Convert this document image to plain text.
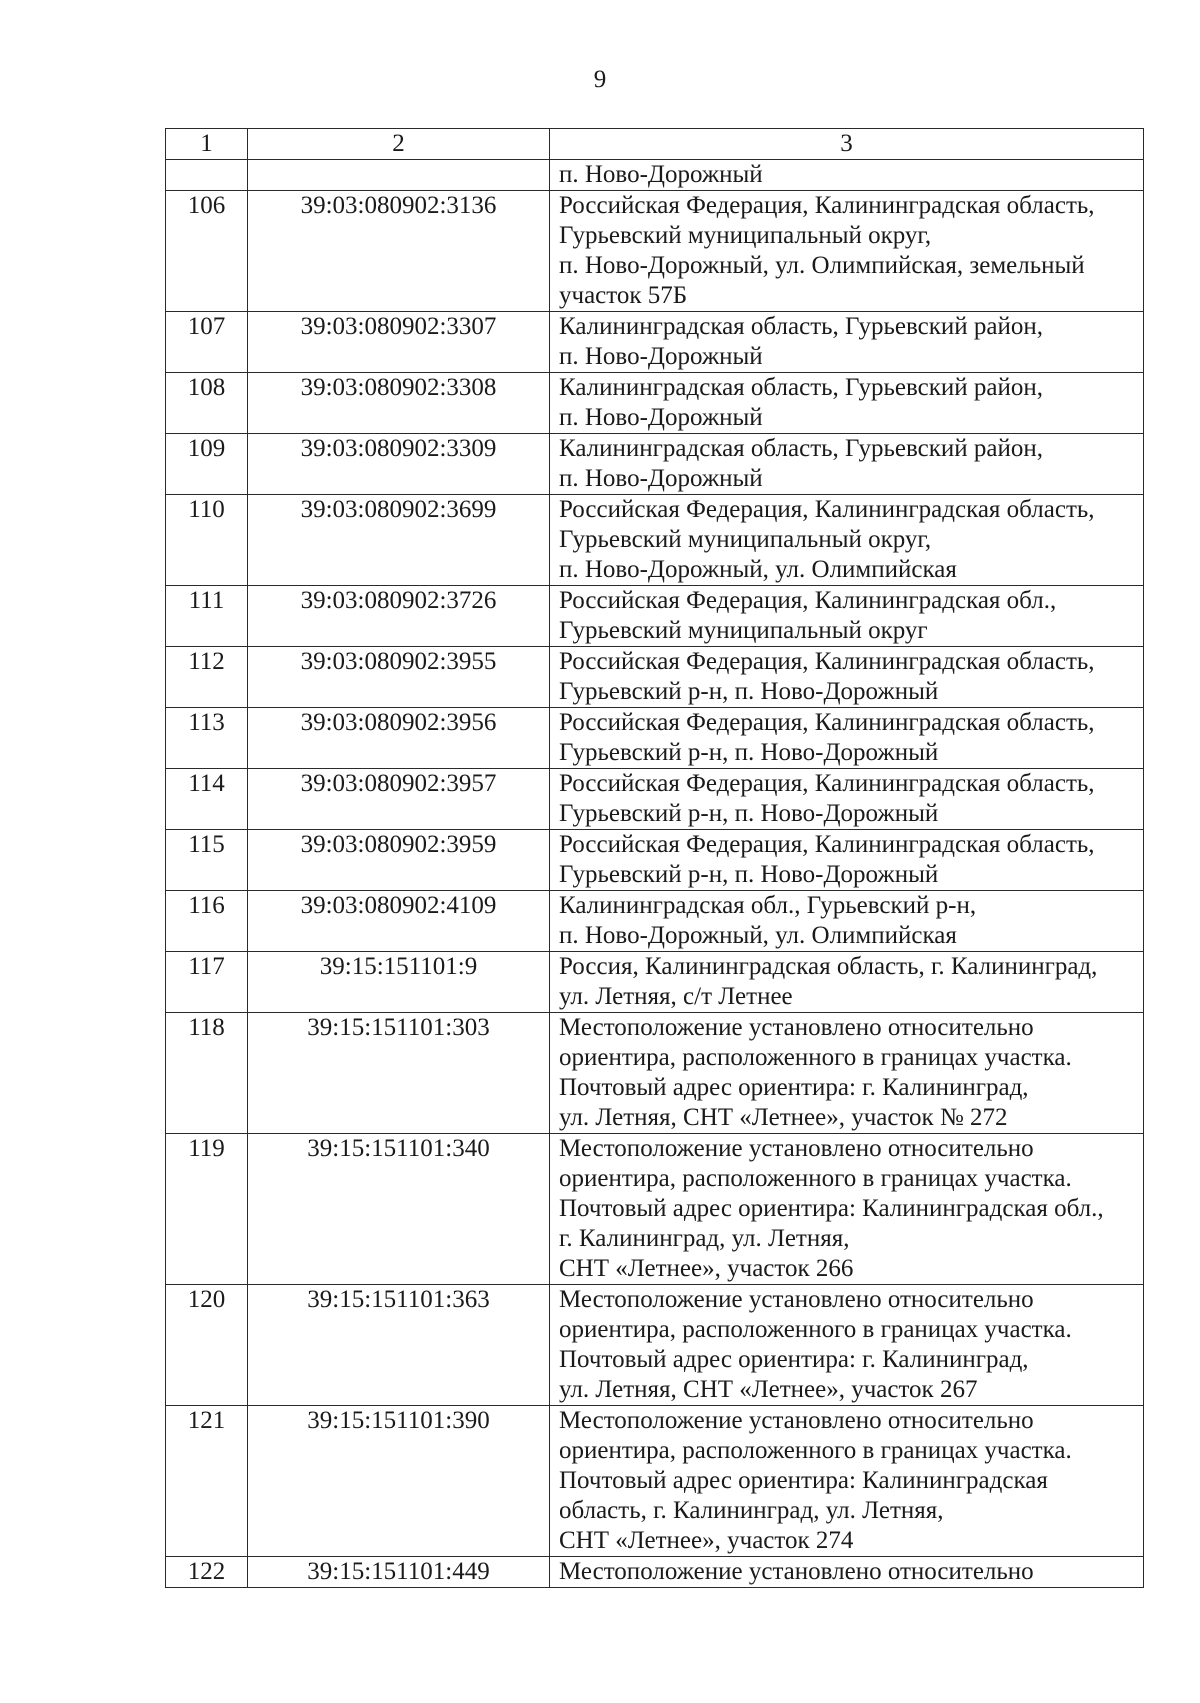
9
1	2	3

		п. Ново-Дорожный

106	39:03:080902:3136	Российская Федерация, Калининградская область,
Гурьевский муниципальный округ,
п. Ново-Дорожный, ул. Олимпийская, земельный
участок 57Б

107	39:03:080902:3307	Калининградская область, Гурьевский район,
п. Ново-Дорожный

108	39:03:080902:3308	Калининградская область, Гурьевский район,
п. Ново-Дорожный

109	39:03:080902:3309	Калининградская область, Гурьевский район,
п. Ново-Дорожный

110	39:03:080902:3699	Российская Федерация, Калининградская область,
Гурьевский муниципальный округ,
п. Ново-Дорожный, ул. Олимпийская

111	39:03:080902:3726	Российская Федерация, Калининградская обл.,
Гурьевский муниципальный округ

112	39:03:080902:3955	Российская Федерация, Калининградская область,
Гурьевский р-н, п. Ново-Дорожный

113	39:03:080902:3956	Российская Федерация, Калининградская область,
Гурьевский р-н, п. Ново-Дорожный

114	39:03:080902:3957	Российская Федерация, Калининградская область,
Гурьевский р-н, п. Ново-Дорожный

115	39:03:080902:3959	Российская Федерация, Калининградская область,
Гурьевский р-н, п. Ново-Дорожный

116	39:03:080902:4109	Калининградская обл., Гурьевский р-н,
п. Ново-Дорожный, ул. Олимпийская

117	39:15:151101:9	Россия, Калининградская область, г. Калининград,
ул. Летняя, с/т Летнее

118	39:15:151101:303	Местоположение установлено относительно
ориентира, расположенного в границах участка.
Почтовый адрес ориентира: г. Калининград,
ул. Летняя, СНТ «Летнее», участок № 272

119	39:15:151101:340	Местоположение установлено относительно
ориентира, расположенного в границах участка.
Почтовый адрес ориентира: Калининградская обл.,
г. Калининград, ул. Летняя,
СНТ «Летнее», участок 266

120	39:15:151101:363	Местоположение установлено относительно
ориентира, расположенного в границах участка.
Почтовый адрес ориентира: г. Калининград,
ул. Летняя, СНТ «Летнее», участок 267

121	39:15:151101:390	Местоположение установлено относительно
ориентира, расположенного в границах участка.
Почтовый адрес ориентира: Калининградская
область, г. Калининград, ул. Летняя,
СНТ «Летнее», участок 274

122	39:15:151101:449	Местоположение установлено относительно
